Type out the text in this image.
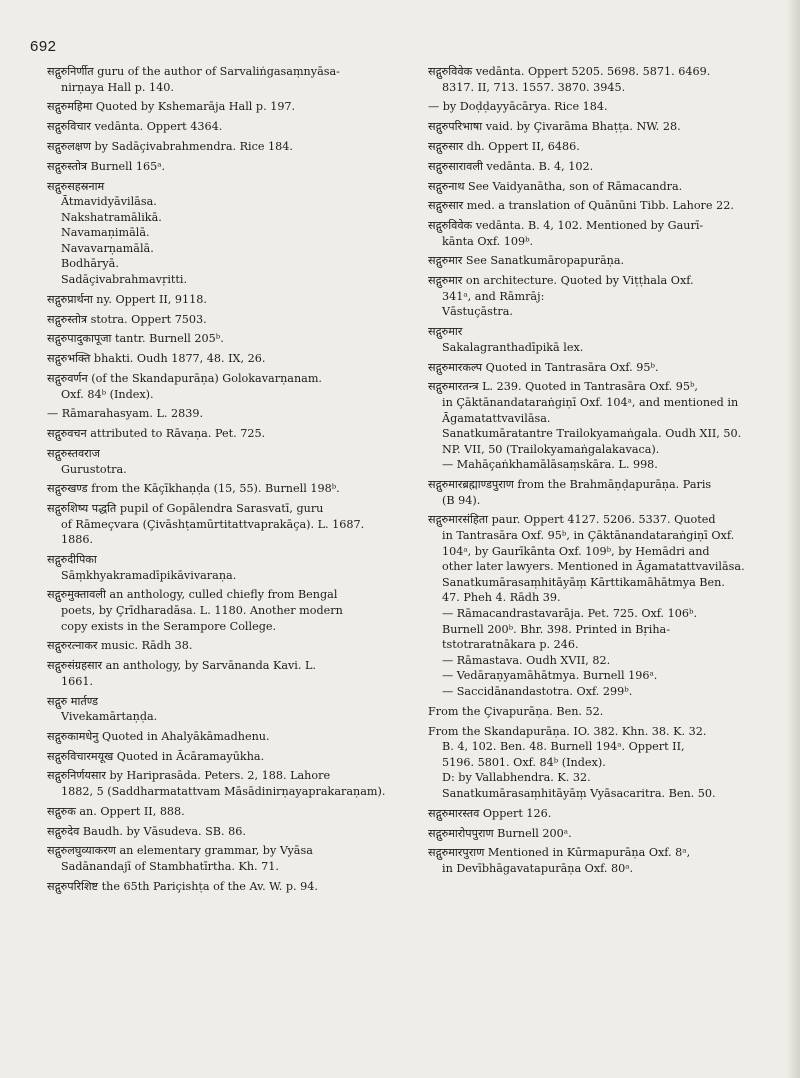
692
सद्गुरुनिर्णीत guru of the author of Sarvaliṅgasaṃnyāsa-
nirṇaya Hall p. 140.
सद्गुरुमहिमा Quoted by Kshemarāja Hall p. 197.
सद्गुरुविचार vedānta. Oppert 4364.
सद्गुरुलक्षण by Sadāçivabrahmendra. Rice 184.
सद्गुरुस्तोत्र Burnell 165ᵃ.
सद्गुरुसहस्रनाम
Ātmavidyāvilāsa.
Nakshatramālikā.
Navamaṇimālā.
Navavarṇamālā.
Bodhāryā.
Sadāçivabrahmavṛitti.
सद्गुरुप्रार्थना ny. Oppert II, 9118.
सद्गुरुस्तोत्र stotra. Oppert 7503.
सद्गुरुपादुकापूजा tantr. Burnell 205ᵇ.
सद्गुरुभक्ति bhakti. Oudh 1877, 48. IX, 26.
सद्गुरुवर्णन (of the Skandapurāṇa) Golokavarṇanam.
Oxf. 84ᵇ (Index).
— Rāmarahasyam. L. 2839.
सद्गुरुवचन attributed to Rāvaṇa. Pet. 725.
सद्गुरुस्तवराज
Gurustotra.
सद्गुरुखण्ड from the Kāçīkhaṇḍa (15, 55). Burnell 198ᵇ.
सद्गुरुशिष्य पद्धति pupil of Gopālendra Sarasvatī, guru
of Rāmeçvara (Çivāshṭamūrtitattvaprakāça). L. 1687.
1886.
सद्गुरुदीपिका
Sāṃkhyakramadīpikāvivaraṇa.
सद्गुरुमुक्तावली an anthology, culled chiefly from Bengal
poets, by Çrīdharadāsa. L. 1180. Another modern
copy exists in the Serampore College.
सद्गुरुरत्नाकर music. Rādh 38.
सद्गुरुसंग्रहसार an anthology, by Sarvānanda Kavi. L.
1661.
सद्गुरु मार्तण्ड
Vivekamārtaṇḍa.
सद्गुरुकामधेनु Quoted in Ahalyākāmadhenu.
सद्गुरुविचारमयूख Quoted in Ācāramayūkha.
सद्गुरुनिर्णयसार by Hariprasāda. Peters. 2, 188. Lahore
1882, 5 (Saddharmatattvam Māsādinirṇayaprakaraṇam).
सद्गुरुक an. Oppert II, 888.
सद्गुरुदेव Baudh. by Vāsudeva. SB. 86.
सद्गुरुलघुव्याकरण an elementary grammar, by Vyāsa
Sadānandajī of Stambhatīrtha. Kh. 71.
सद्गुरुपरिशिष्ट the 65th Pariçishṭa of the Av. W. p. 94.
सद्गुरुविवेक vedānta. Oppert 5205. 5698. 5871. 6469.
8317. II, 713. 1557. 3870. 3945.
— by Doḍḍayyācārya. Rice 184.
सद्गुरुपरिभाषा vaid. by Çivarāma Bhaṭṭa. NW. 28.
सद्गुरुसार dh. Oppert II, 6486.
सद्गुरुसारावली vedānta. B. 4, 102.
सद्गुरुनाथ See Vaidyanātha, son of Rāmacandra.
सद्गुरुसार med. a translation of Quānūni Tibb. Lahore 22.
सद्गुरुविवेक vedānta. B. 4, 102. Mentioned by Gaurī-
kānta Oxf. 109ᵇ.
सद्गुरुमार See Sanatkumāropapurāṇa.
सद्गुरुमार on architecture. Quoted by Viṭṭhala Oxf.
341ᵃ, and Rāmrāj:
Vāstuçāstra.
सद्गुरुमार
Sakalagranthadīpikā lex.
सद्गुरुमारकल्प Quoted in Tantrasāra Oxf. 95ᵇ.
सद्गुरुमारतन्त्र L. 239. Quoted in Tantrasāra Oxf. 95ᵇ,
in Çāktānandataraṅgiṇī Oxf. 104ᵃ, and mentioned in
Āgamatattvavilāsa.
Sanatkumāratantre Trailokyamaṅgala. Oudh XII, 50.
NP. VII, 50 (Trailokyamaṅgalakavaca).
— Mahāçaṅkhamālāsaṃskāra. L. 998.
सद्गुरुमारब्रह्माण्डपुराण from the Brahmāṇḍapurāṇa. Paris
(B 94).
सद्गुरुमारसंहिता paur. Oppert 4127. 5206. 5337. Quoted
in Tantrasāra Oxf. 95ᵇ, in Çāktānandataraṅgiṇī Oxf.
104ᵃ, by Gaurīkānta Oxf. 109ᵇ, by Hemādri and
other later lawyers. Mentioned in Āgamatattvavilāsa.
Sanatkumārasaṃhitāyāṃ Kārttikamāhātmya Ben.
47. Pheh 4. Rādh 39.
— Rāmacandrastavarāja. Pet. 725. Oxf. 106ᵇ.
Burnell 200ᵇ. Bhr. 398. Printed in Bṛiha-
tstotraratnākara p. 246.
— Rāmastava. Oudh XVII, 82.
— Vedāraṇyamāhātmya. Burnell 196ᵃ.
— Saccidānandastotra. Oxf. 299ᵇ.
From the Çivapurāṇa. Ben. 52.
From the Skandapurāṇa. IO. 382. Khn. 38. K. 32.
B. 4, 102. Ben. 48. Burnell 194ᵃ. Oppert II,
5196. 5801. Oxf. 84ᵇ (Index).
D: by Vallabhendra. K. 32.
Sanatkumārasaṃhitāyāṃ Vyāsacaritra. Ben. 50.
सद्गुरुमारस्तव Oppert 126.
सद्गुरुमारोपपुराण Burnell 200ᵃ.
सद्गुरुमारपुराण Mentioned in Kūrmapurāṇa Oxf. 8ᵃ,
in Devībhāgavatapurāṇa Oxf. 80ᵃ.
